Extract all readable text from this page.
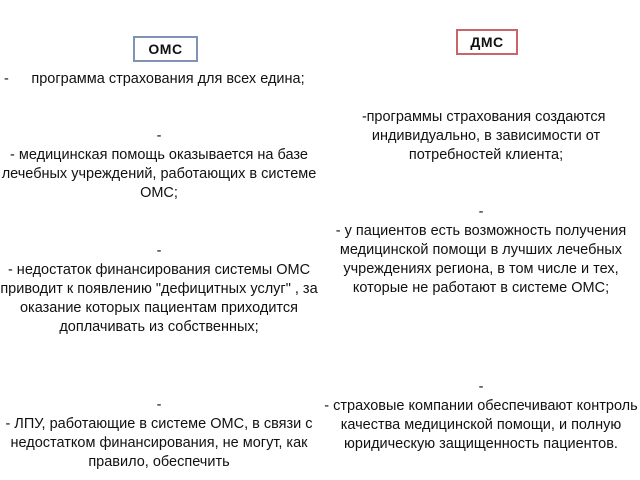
ОМС	ДМС
- программа страхования для всех едина;
-
- медицинская помощь оказывается на базе лечебных учреждений, работающих в системе ОМС;
-
- недостаток финансирования системы ОМС приводит к появлению "дефицитных услуг" , за оказание которых пациентам приходится доплачивать из собственных;
-
- ЛПУ, работающие в системе ОМС, в связи с недостатком финансирования, не могут, как правило, обеспечить
- программы страхования создаются индивидуально, в зависимости от потребностей клиента;
-
- у пациентов есть возможность получения медицинской помощи в лучших лечебных учреждениях региона, в том числе и тех, которые не работают в системе ОМС;
-
- страховые компании обеспечивают контроль качества медицинской помощи, и полную юридическую защищенность пациентов.
